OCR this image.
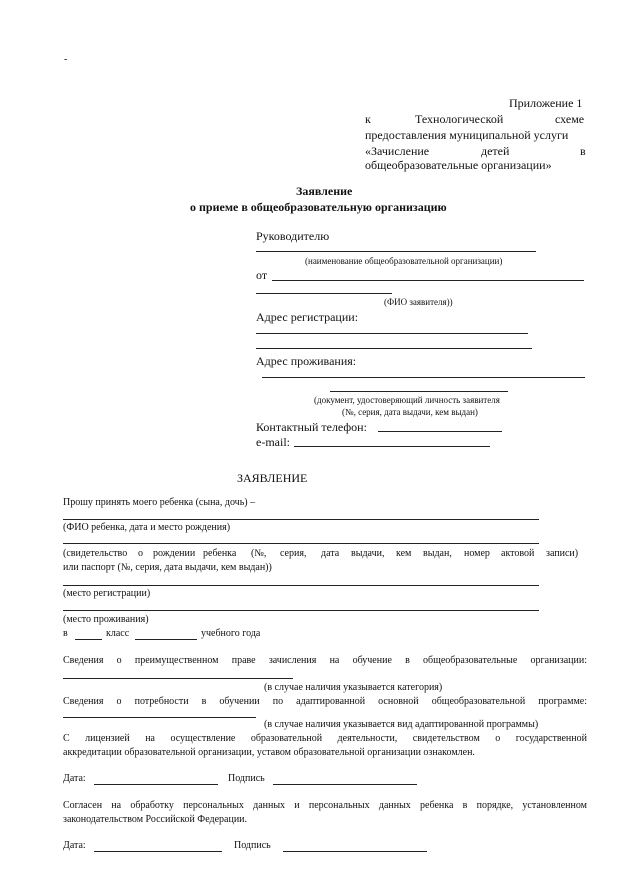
-
Приложение 1
к	Технологической	схеме
предоставления муниципальной услуги
«Зачисление	детей	в
общеобразовательные организации»
Заявление
о приеме в общеобразовательную организацию
Руководителю
(наименование общеобразовательной организации)
от
(ФИО заявителя))
Адрес регистрации:
Адрес проживания:
(документ, удостоверяющий личность заявителя
(№, серия, дата выдачи, кем выдан)
Контактный телефон:
e-mail:
ЗАЯВЛЕНИЕ
Прошу принять моего ребенка (сына, дочь) –
(ФИО ребенка, дата и место рождения)
(свидетельство о рождении ребенка (№, серия, дата выдачи, кем выдан, номер актовой записи)
или паспорт (№, серия, дата выдачи, кем выдан))
(место регистрации)
(место проживания)
в	класс	учебного года
Сведения о преимущественном праве зачисления на обучение в общеобразовательные организации:
(в случае наличия указывается категория)
Сведения о потребности в обучении по адаптированной основной общеобразовательной программе:
(в случае наличия указывается вид адаптированной программы)
С лицензией на осуществление образовательной деятельности, свидетельством о государственной
аккредитации образовательной организации, уставом образовательной организации ознакомлен.
Дата:	Подпись
Согласен на обработку персональных данных и персональных данных ребенка в порядке, установленном
законодательством Российской Федерации.
Дата:	Подпись
